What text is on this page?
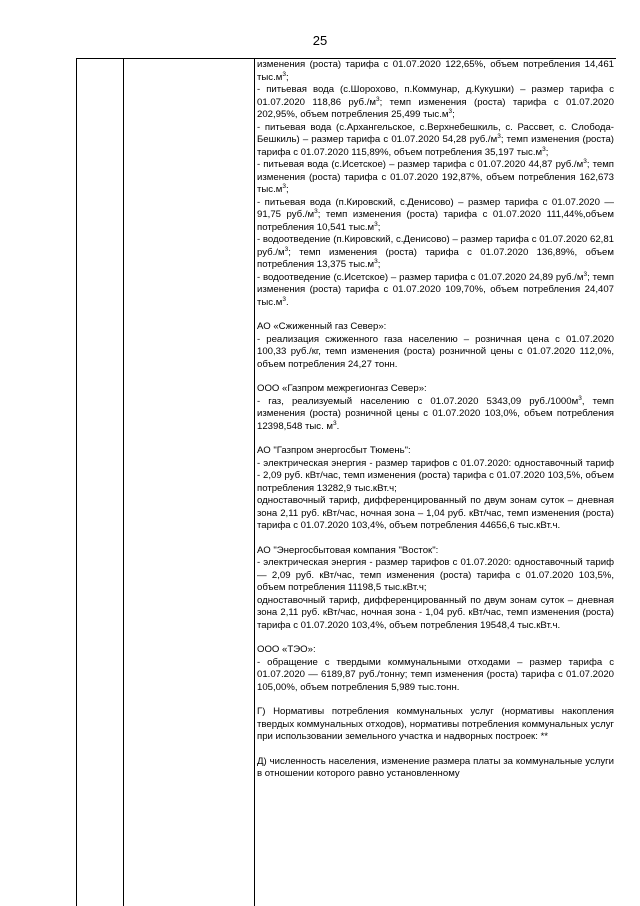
25

изменения (роста) тарифа с 01.07.2020 122,65%, объем потребления 14,461 $тыс.м^3$;

- питьевая вода (с.Шорохово, п.Коммунар, д.Кукушки) – размер тарифа с 01.07.2020 118,86 $руб./м^3$; темп изменения (роста) тарифа с 01.07.2020 202,95%, объем потребления 25,499 $тыс.м^3$;

- питьевая вода (с.Архангельское, с.Верхнебешкиль, с. Рассвет, с. Слобода-Бешкиль) – размер тарифа с 01.07.2020 54,28 $руб./м^3$; темп изменения (роста) тарифа с 01.07.2020 115,89%, объем потребления 35,197 $тыс.м^3$;

- питьевая вода (с.Исетское) – размер тарифа с 01.07.2020 44,87 $руб./м^3$; темп изменения (роста) тарифа с 01.07.2020 192,87%, объем потребления 162,673 $тыс.м^3$;

- питьевая вода (п.Кировский, с.Денисово) – размер тарифа с 01.07.2020 — 91,75 $руб./м^3$; темп изменения (роста) тарифа с 01.07.2020 111,44%,объем потребления 10,541 $тыс.м^3$;

- водоотведение (п.Кировский, с.Денисово) – размер тарифа с 01.07.2020 62,81 $руб./м^3$; темп изменения (роста) тарифа с 01.07.2020 136,89%, объем потребления 13,375 $тыс.м^3$;

- водоотведение (с.Исетское) – размер тарифа с 01.07.2020 24,89 $руб./м^3$; темп изменения (роста) тарифа с 01.07.2020 109,70%, объем потребления 24,407 $тыс.м^3$.

АО «Сжиженный газ Север»:

- реализация сжиженного газа населению – розничная цена с 01.07.2020 100,33 руб./кг, темп изменения (роста) розничной цены с 01.07.2020 112,0%, объем потребления 24,27 тонн.

ООО «Газпром межрегионгаз Север»:

- газ, реализуемый населению с 01.07.2020 5343,09 $руб./1000м^3$, темп изменения (роста) розничной цены с 01.07.2020 103,0%, объем потребления 12398,548 тыс. $м^3$.

АО "Газпром энергосбыт Тюмень":

- электрическая энергия - размер тарифов с 01.07.2020: одноставочный тариф - 2,09 руб. кВт/час, темп изменения (роста) тарифа с 01.07.2020 103,5%, объем потребления 13282,9 тыс.кВт.ч;

одноставочный тариф, дифференцированный по двум зонам суток – дневная зона 2,11 руб. кВт/час, ночная зона – 1,04 руб. кВт/час, темп изменения (роста) тарифа с 01.07.2020 103,4%, объем потребления 44656,6 тыс.кВт.ч.

АО "Энергосбытовая компания "Восток":

- электрическая энергия - размер тарифов с 01.07.2020: одноставочный тариф — 2,09 руб. кВт/час, темп изменения (роста) тарифа с 01.07.2020 103,5%, объем потребления 11198,5 тыс.кВт.ч;

одноставочный тариф, дифференцированный по двум зонам суток – дневная зона 2,11 руб. кВт/час, ночная зона - 1,04 руб. кВт/час, темп изменения (роста) тарифа с 01.07.2020 103,4%, объем потребления 19548,4 тыс.кВт.ч.

ООО «ТЭО»:

- обращение с твердыми коммунальными отходами – размер тарифа с 01.07.2020 — 6189,87 руб./тонну; темп изменения (роста) тарифа с 01.07.2020 105,00%, объем потребления 5,989 тыс.тонн.

Г) Нормативы потребления коммунальных услуг (нормативы накопления твердых коммунальных отходов), нормативы потребления коммунальных услуг при использовании земельного участка и надворных построек: **

Д) численность населения, изменение размера платы за коммунальные услуги в отношении которого равно установленному
